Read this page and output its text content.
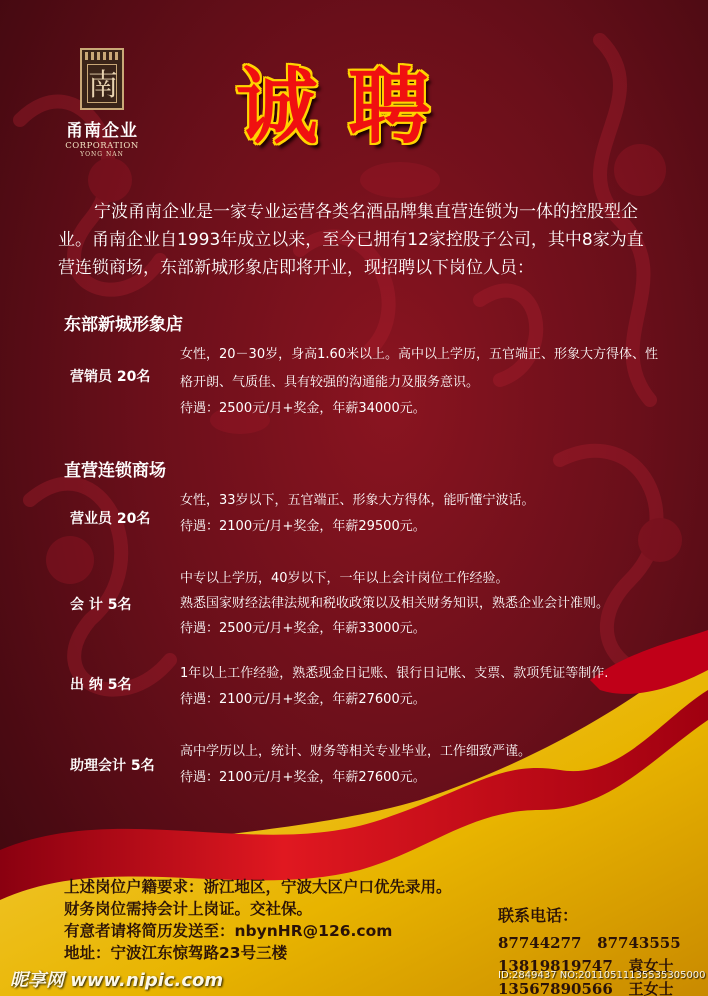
南
甬南企业
CORPORATION
YONG NAN 诚聘
宁波甬南企业是一家专业运营各类名酒品牌集直营连锁为一体的控股型企业。甬南企业自1993年成立以来，至今已拥有12家控股子公司，其中8家为直营连锁商场，东部新城形象店即将开业，现招聘以下岗位人员：
东部新城形象店
营销员 20名
女性，20－30岁，身高1.60米以上。高中以上学历，五官端正、形象大方得体、性格开朗、气质佳、具有较强的沟通能力及服务意识。
待遇：2500元/月+奖金，年薪34000元。
直营连锁商场
营业员 20名
女性，33岁以下，五官端正、形象大方得体，能听懂宁波话。
待遇：2100元/月+奖金，年薪29500元。
会 计 5名
中专以上学历，40岁以下，一年以上会计岗位工作经验。
熟悉国家财经法律法规和税收政策以及相关财务知识，熟悉企业会计准则。
待遇：2500元/月+奖金，年薪33000元。
出 纳 5名
1年以上工作经验，熟悉现金日记账、银行日记帐、支票、款项凭证等制作.
待遇：2100元/月+奖金，年薪27600元。
助理会计 5名
高中学历以上，统计、财务等相关专业毕业，工作细致严谨。
待遇：2100元/月+奖金，年薪27600元。
上述岗位户籍要求：浙江地区，宁波大区户口优先录用。
财务岗位需持会计上岗证。交社保。
有意者请将简历发送至：nbynHR@126.com
地址：宁波江东惊驾路23号三楼
联系电话：
87744277 87743555
13819819747 袁女士
13567890566 王女士
昵享网 www.nipic.com	ID:2849437 NO:20110511135535305000
